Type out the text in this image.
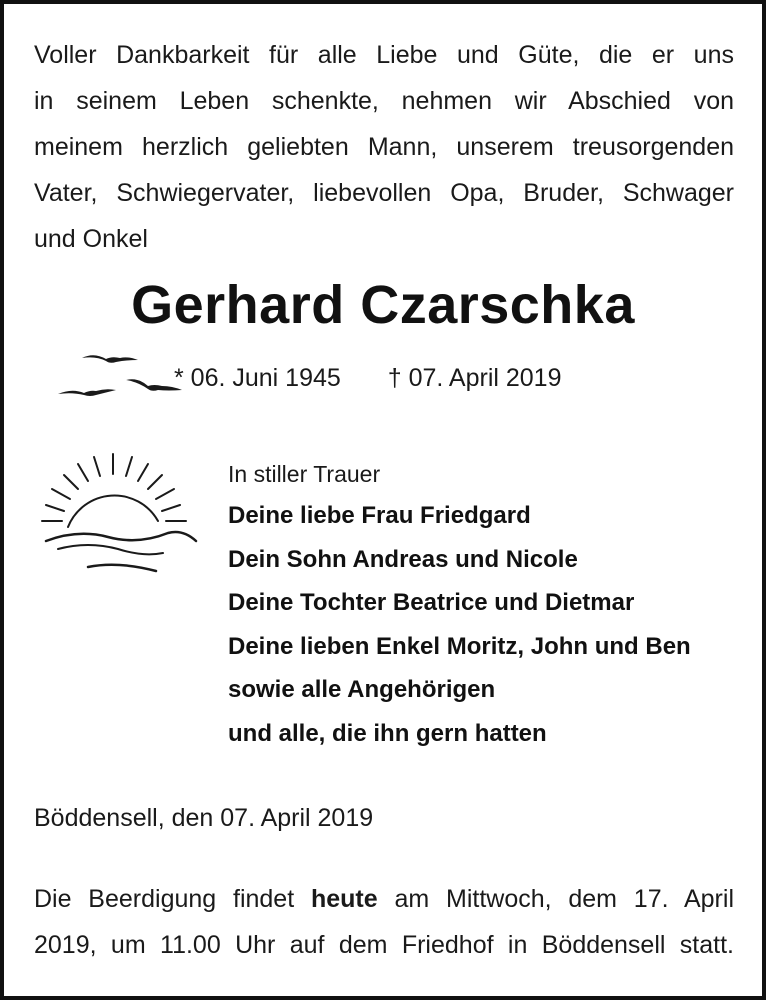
Voller Dankbarkeit für alle Liebe und Güte, die er uns
in seinem Leben schenkte, nehmen wir Abschied von
meinem herzlich geliebten Mann, unserem treusorgenden
Vater, Schwiegervater, liebevollen Opa, Bruder, Schwager
und Onkel
Gerhard Czarschka
* 06. Juni 1945 † 07. April 2019
In stiller Trauer
Deine liebe Frau Friedgard
Dein Sohn Andreas und Nicole
Deine Tochter Beatrice und Dietmar
Deine lieben Enkel Moritz, John und Ben
sowie alle Angehörigen
und alle, die ihn gern hatten
Böddensell, den 07. April 2019
Die Beerdigung findet heute am Mittwoch, dem 17. April
2019, um 11.00 Uhr auf dem Friedhof in Böddensell statt.
